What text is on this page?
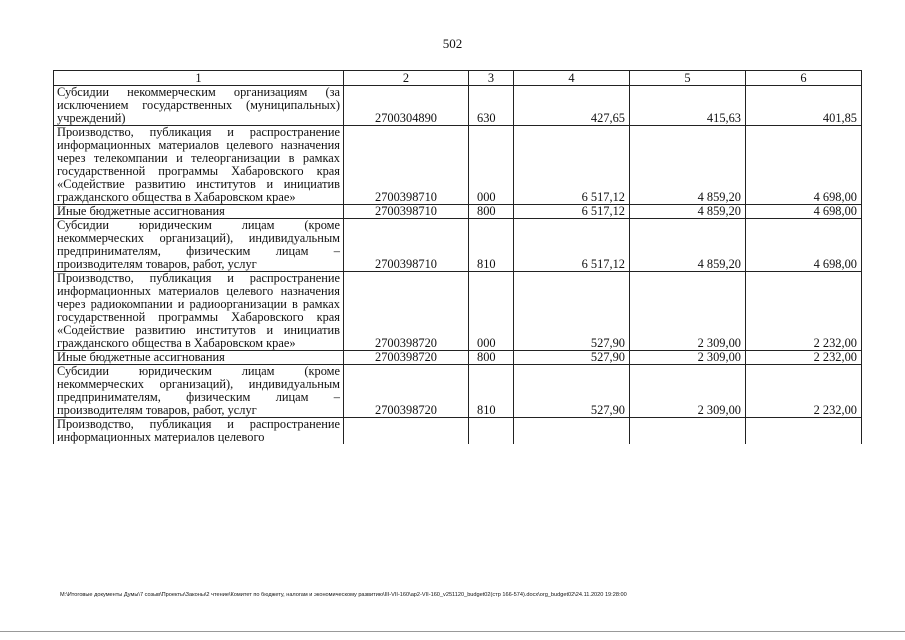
502
1	2	3	4	5	6
Субсидии некоммерческим организациям (за исключением государственных (муниципальных) учреждений)	2700304890	630	427,65	415,63	401,85
Производство, публикация и распространение информационных материалов целевого назначения через телекомпании и телеорганизации в рамках государственной программы Хабаровского края «Содействие развитию институтов и инициатив гражданского общества в Хабаровском крае»	2700398710	000	6 517,12	4 859,20	4 698,00
Иные бюджетные ассигнования	2700398710	800	6 517,12	4 859,20	4 698,00
Субсидии юридическим лицам (кроме некоммерческих организаций), индивидуальным предпринимателям, физическим лицам – производителям товаров, работ, услуг	2700398710	810	6 517,12	4 859,20	4 698,00
Производство, публикация и распространение информационных материалов целевого назначения через радиокомпании и радиоорганизации в рамках государственной программы Хабаровского края «Содействие развитию институтов и инициатив гражданского общества в Хабаровском крае»	2700398720	000	527,90	2 309,00	2 232,00
Иные бюджетные ассигнования	2700398720	800	527,90	2 309,00	2 232,00
Субсидии юридическим лицам (кроме некоммерческих организаций), индивидуальным предпринимателям, физическим лицам – производителям товаров, работ, услуг	2700398720	810	527,90	2 309,00	2 232,00
Производство, публикация и распространение информационных материалов целевого					
M:\Итоговые документы Думы\7 созыв\Проекты\Законы\2 чтение\Комитет по бюджету, налогам и экономическому развитию\III-VII-160\ap2-VII-160_v251120_budget02(стр 166-574).docx\org_budget02\24.11.2020 19:28:00
